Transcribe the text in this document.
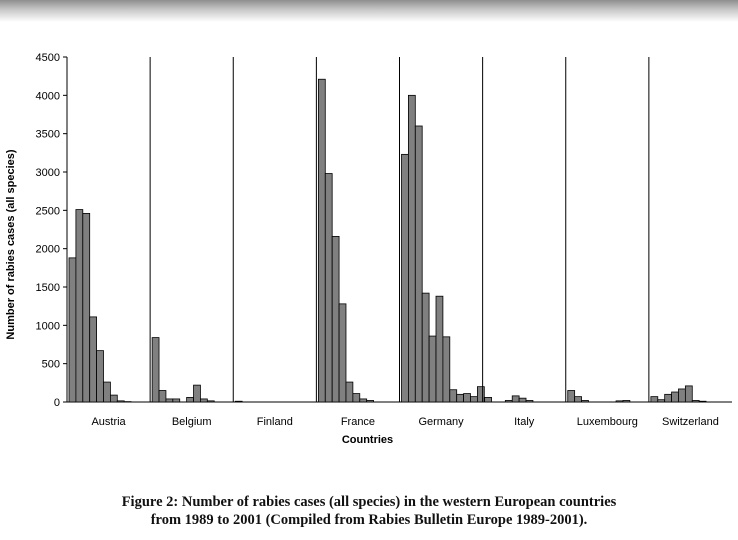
0
500
1000
1500
2000
2500
3000
3500
4000
4500
Austria	Belgium	Finland	France	Germany	Italy	Luxembourg Switzerland
Countries
Number of rabies cases (all species)
Figure 2: Number of rabies cases (all species) in the western European countries
from 1989 to 2001 (Compiled from Rabies Bulletin Europe 1989-2001).
